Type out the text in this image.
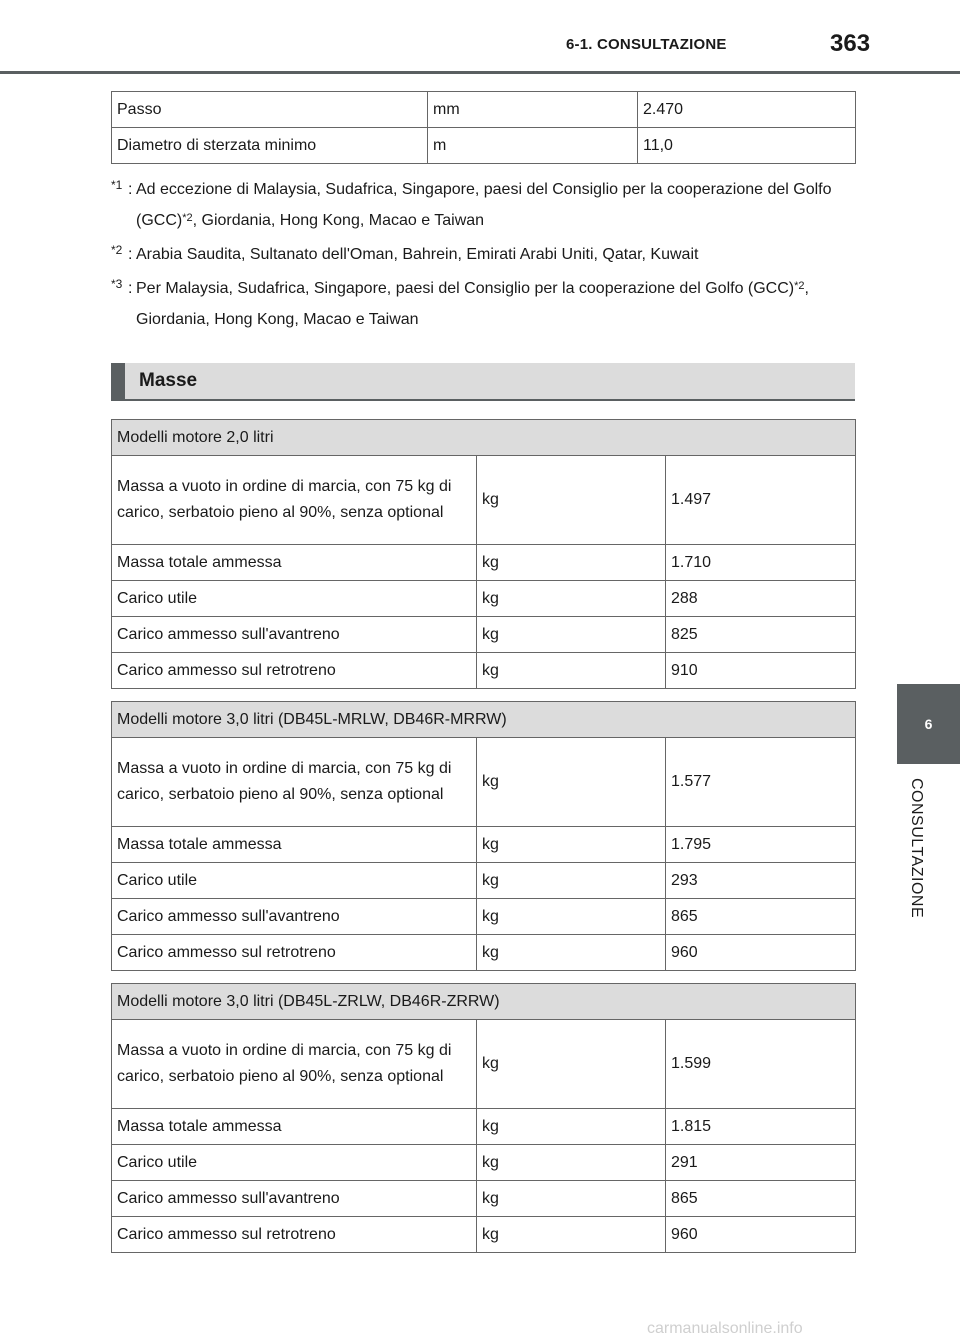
6-1. CONSULTAZIONE	363
6
CONSULTAZIONE
Passo	mm	2.470
Diametro di sterzata minimo	m	11,0
*1 : Ad eccezione di Malaysia, Sudafrica, Singapore, paesi del Consiglio per la cooperazione del Golfo (GCC)$^{*2}$, Giordania, Hong Kong, Macao e Taiwan
*2 : Arabia Saudita, Sultanato dell'Oman, Bahrein, Emirati Arabi Uniti, Qatar, Kuwait
*3 : Per Malaysia, Sudafrica, Singapore, paesi del Consiglio per la cooperazione del Golfo (GCC)$^{*2}$, Giordania, Hong Kong, Macao e Taiwan
Masse
Modelli motore 2,0 litri		
Massa a vuoto in ordine di marcia, con 75 kg di carico, serbatoio pieno al 90%, senza optional	kg	1.497
Massa totale ammessa	kg	1.710
Carico utile	kg	288
Carico ammesso sull'avantreno	kg	825
Carico ammesso sul retrotreno	kg	910
Modelli motore 3,0 litri (DB45L-MRLW, DB46R-MRRW)		
Massa a vuoto in ordine di marcia, con 75 kg di carico, serbatoio pieno al 90%, senza optional	kg	1.577
Massa totale ammessa	kg	1.795
Carico utile	kg	293
Carico ammesso sull'avantreno	kg	865
Carico ammesso sul retrotreno	kg	960
Modelli motore 3,0 litri (DB45L-ZRLW, DB46R-ZRRW)		
Massa a vuoto in ordine di marcia, con 75 kg di carico, serbatoio pieno al 90%, senza optional	kg	1.599
Massa totale ammessa	kg	1.815
Carico utile	kg	291
Carico ammesso sull'avantreno	kg	865
Carico ammesso sul retrotreno	kg	960
carmanualsonline.info
